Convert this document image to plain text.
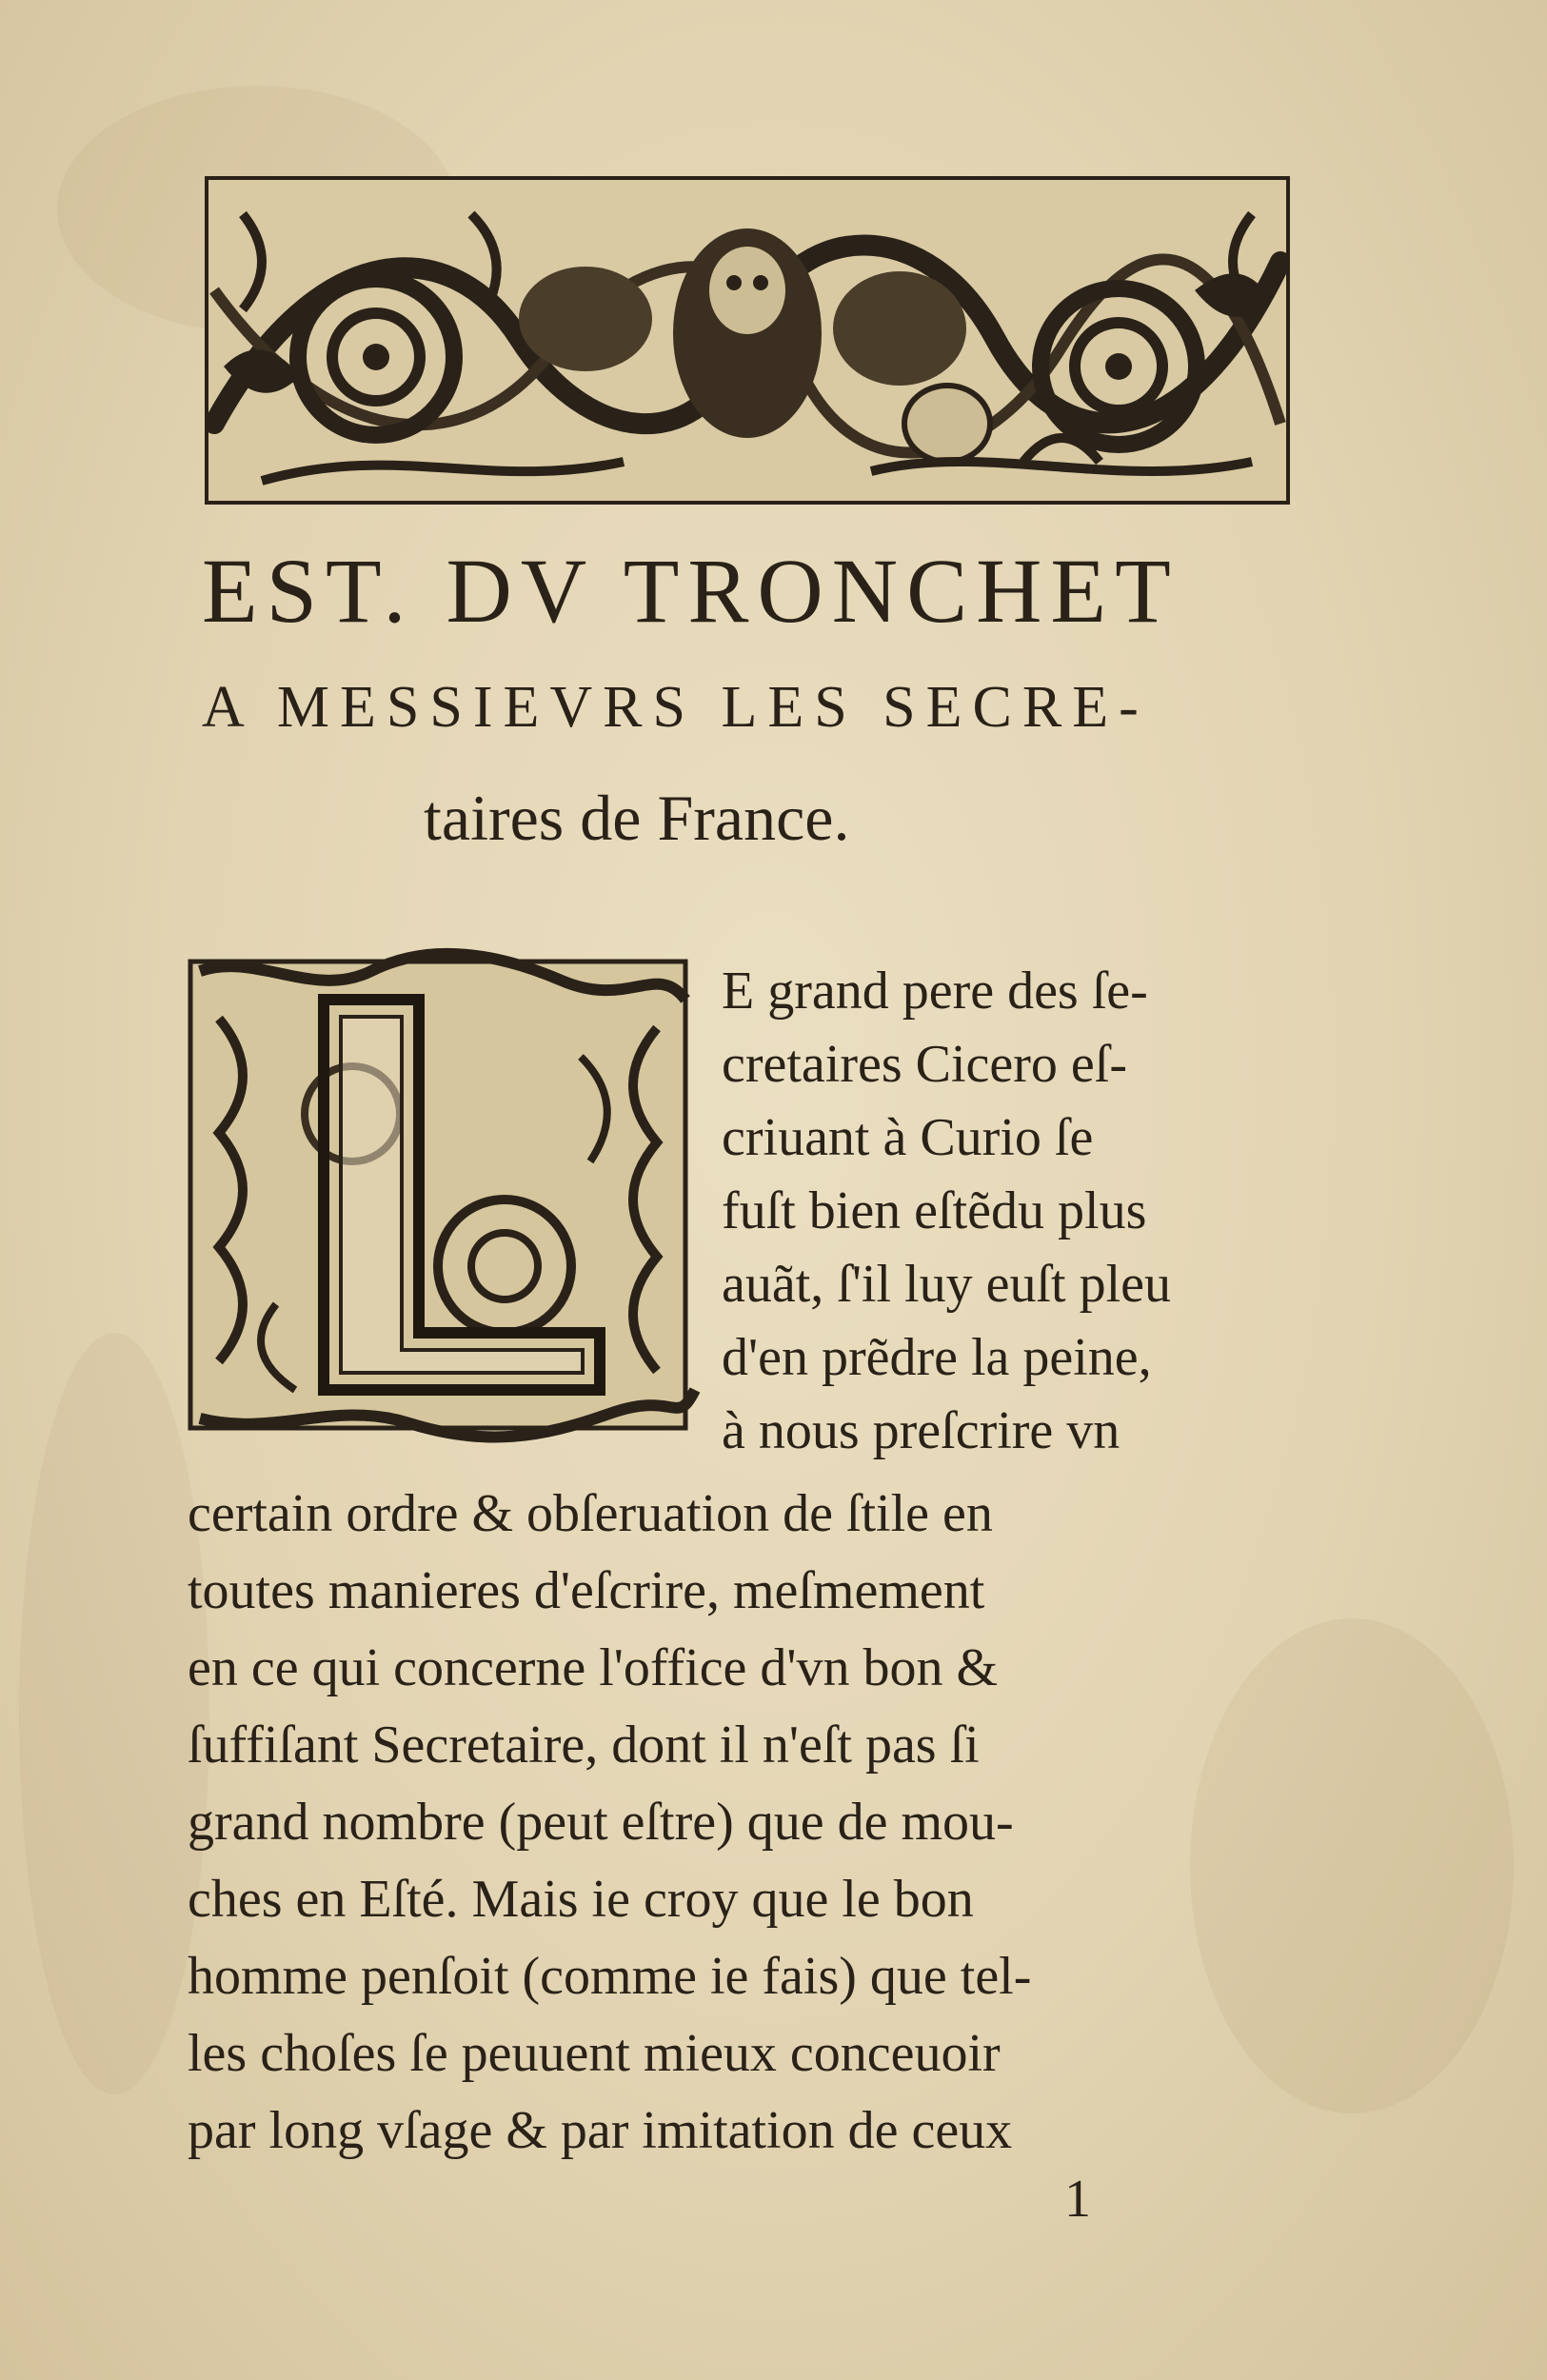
EST. DV TRONCHET
A MESSIEVRS LES SECRE-
taires de France.
E grand pere des ſe-
cretaires Cicero eſ-
criuant à Curio ſe
fuſt bien eſtẽdu plus
auãt, ſ'il luy euſt pleu
d'en prẽdre la peine,
à nous preſcrire vn
certain ordre & obſeruation de ſtile en
toutes manieres d'eſcrire, meſmement
en ce qui concerne l'office d'vn bon &
ſuffiſant Secretaire, dont il n'eſt pas ſi
grand nombre (peut eſtre) que de mou-
ches en Eſté. Mais ie croy que le bon
homme penſoit (comme ie fais) que tel-
les choſes ſe peuuent mieux conceuoir
par long vſage & par imitation de ceux
1
